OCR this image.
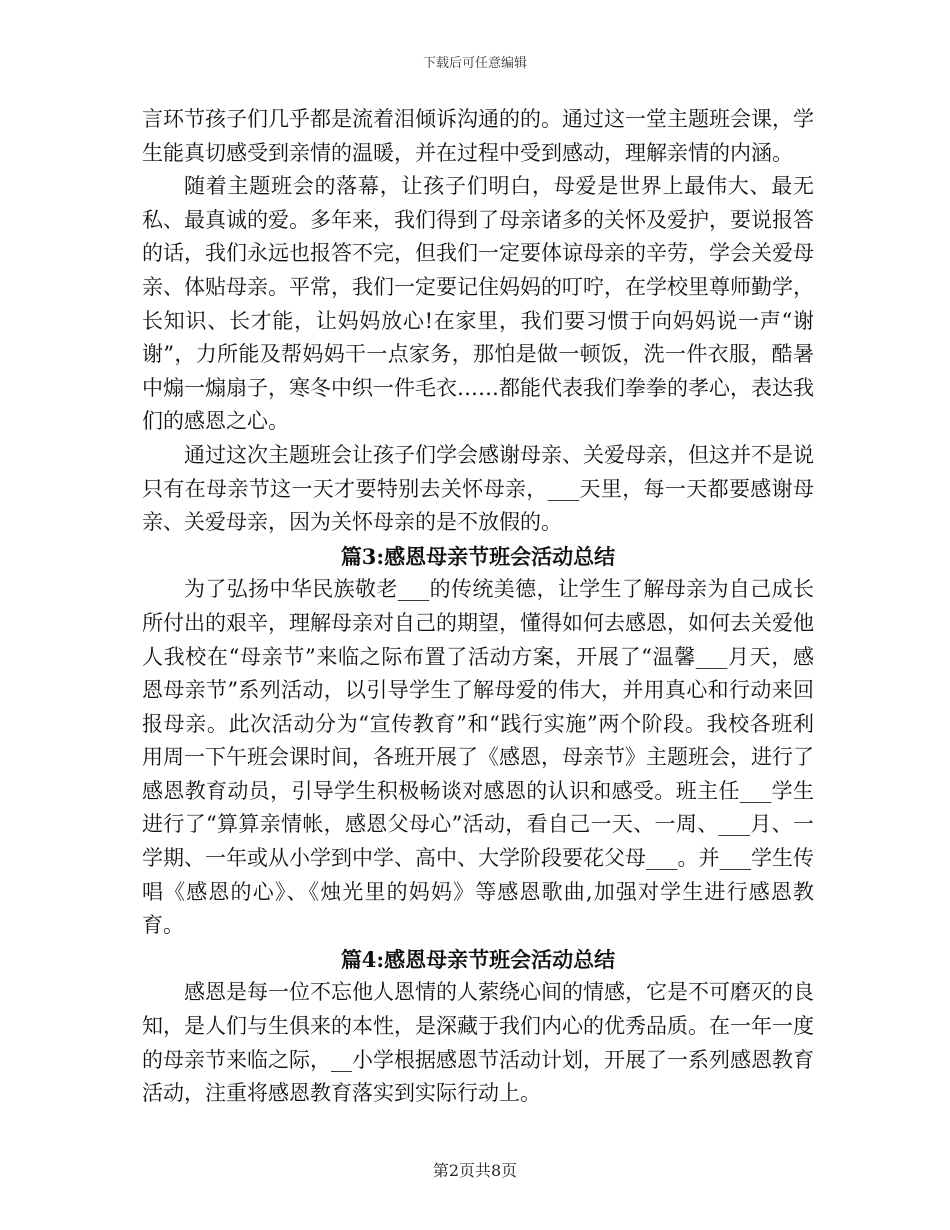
下载后可任意编辑

言环节孩子们几乎都是流着泪倾诉沟通的的。通过这一堂主题班会课，学生能真切感受到亲情的温暖，并在过程中受到感动，理解亲情的内涵。

随着主题班会的落幕，让孩子们明白，母爱是世界上最伟大、最无私、最真诚的爱。多年来，我们得到了母亲诸多的关怀及爱护，要说报答的话，我们永远也报答不完，但我们一定要体谅母亲的辛劳，学会关爱母亲、体贴母亲。平常，我们一定要记住妈妈的叮咛，在学校里尊师勤学，长知识、长才能，让妈妈放心!在家里，我们要习惯于向妈妈说一声“谢谢”，力所能及帮妈妈干一点家务，那怕是做一顿饭，洗一件衣服，酷暑中煽一煽扇子，寒冬中织一件毛衣……都能代表我们拳拳的孝心，表达我们的感恩之心。

通过这次主题班会让孩子们学会感谢母亲、关爱母亲，但这并不是说只有在母亲节这一天才要特别去关怀母亲，___天里，每一天都要感谢母亲、关爱母亲，因为关怀母亲的是不放假的。

篇3:感恩母亲节班会活动总结

为了弘扬中华民族敬老___的传统美德，让学生了解母亲为自己成长所付出的艰辛，理解母亲对自己的期望，懂得如何去感恩，如何去关爱他人我校在“母亲节”来临之际布置了活动方案，开展了“温馨___月天，感恩母亲节”系列活动，以引导学生了解母爱的伟大，并用真心和行动来回报母亲。此次活动分为“宣传教育”和“践行实施”两个阶段。我校各班利用周一下午班会课时间，各班开展了《感恩，母亲节》主题班会，进行了感恩教育动员，引导学生积极畅谈对感恩的认识和感受。班主任___学生进行了“算算亲情帐，感恩父母心”活动，看自己一天、一周、___月、一学期、一年或从小学到中学、高中、大学阶段要花父母___。并___学生传唱《感恩的心》、《烛光里的妈妈》等感恩歌曲,加强对学生进行感恩教育。

篇4:感恩母亲节班会活动总结

感恩是每一位不忘他人恩情的人萦绕心间的情感，它是不可磨灭的良知，是人们与生俱来的本性，是深藏于我们内心的优秀品质。在一年一度的母亲节来临之际，__小学根据感恩节活动计划，开展了一系列感恩教育活动，注重将感恩教育落实到实际行动上。

第2页共8页
